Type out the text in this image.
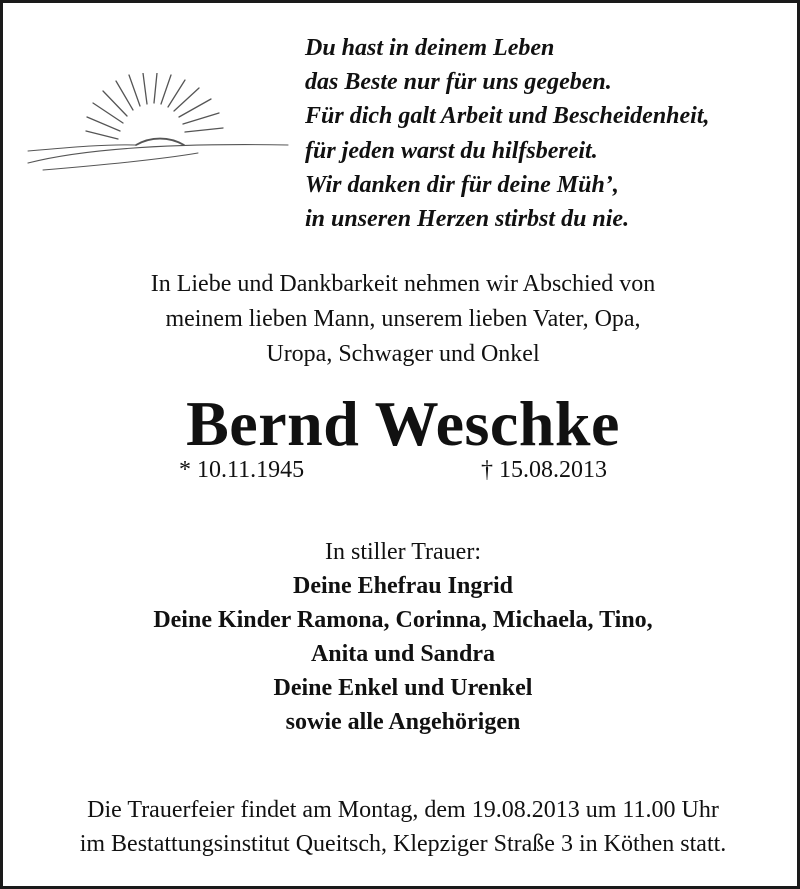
Du hast in deinem Leben
das Beste nur für uns gegeben.
Für dich galt Arbeit und Bescheidenheit,
für jeden warst du hilfsbereit.
Wir danken dir für deine Müh’,
in unseren Herzen stirbst du nie.
In Liebe und Dankbarkeit nehmen wir Abschied von
meinem lieben Mann, unserem lieben Vater, Opa,
Uropa, Schwager und Onkel
Bernd Weschke
* 10.11.1945	† 15.08.2013
In stiller Trauer:
Deine Ehefrau Ingrid
Deine Kinder Ramona, Corinna, Michaela, Tino,
Anita und Sandra
Deine Enkel und Urenkel
sowie alle Angehörigen
Die Trauerfeier findet am Montag, dem 19.08.2013 um 11.00 Uhr
im Bestattungsinstitut Queitsch, Klepziger Straße 3 in Köthen statt.
